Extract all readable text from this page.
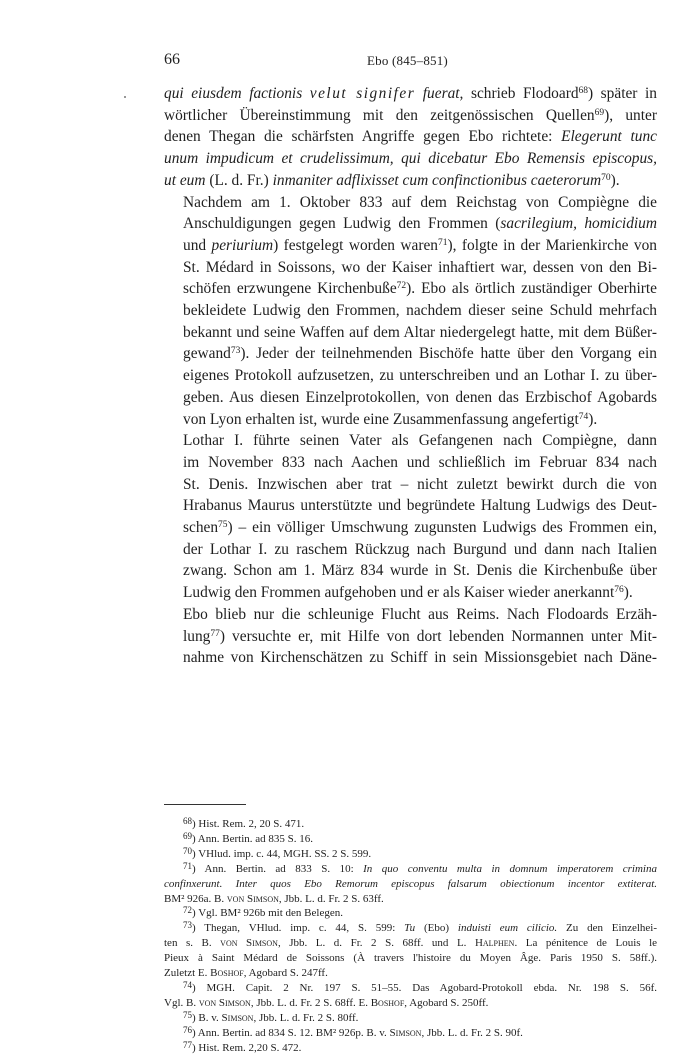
66	Ebo (845–851)

qui eiusdem factionis velut signifer fuerat, schrieb Flodoard$^{68}$) später in
wörtlicher Übereinstimmung mit den zeitgenössischen Quellen$^{69}$), unter
denen Thegan die schärfsten Angriffe gegen Ebo richtete: Elegerunt tunc
unum impudicum et crudelissimum, qui dicebatur Ebo Remensis episcopus,
ut eum (L. d. Fr.) inmaniter adflixisset cum confinctionibus caeterorum$^{70}$).

Nachdem am 1. Oktober 833 auf dem Reichstag von Compiègne die
Anschuldigungen gegen Ludwig den Frommen (sacrilegium, homicidium
und periurium) festgelegt worden waren$^{71}$), folgte in der Marienkirche von
St. Médard in Soissons, wo der Kaiser inhaftiert war, dessen von den Bi-
schöfen erzwungene Kirchenbuße$^{72}$). Ebo als örtlich zuständiger Oberhirte
bekleidete Ludwig den Frommen, nachdem dieser seine Schuld mehrfach
bekannt und seine Waffen auf dem Altar niedergelegt hatte, mit dem Büßer-
gewand$^{73}$). Jeder der teilnehmenden Bischöfe hatte über den Vorgang ein
eigenes Protokoll aufzusetzen, zu unterschreiben und an Lothar I. zu über-
geben. Aus diesen Einzelprotokollen, von denen das Erzbischof Agobards
von Lyon erhalten ist, wurde eine Zusammenfassung angefertigt$^{74}$).

Lothar I. führte seinen Vater als Gefangenen nach Compiègne, dann
im November 833 nach Aachen und schließlich im Februar 834 nach
St. Denis. Inzwischen aber trat – nicht zuletzt bewirkt durch die von
Hrabanus Maurus unterstützte und begründete Haltung Ludwigs des Deut-
schen$^{75}$) – ein völliger Umschwung zugunsten Ludwigs des Frommen ein,
der Lothar I. zu raschem Rückzug nach Burgund und dann nach Italien
zwang. Schon am 1. März 834 wurde in St. Denis die Kirchenbuße über
Ludwig den Frommen aufgehoben und er als Kaiser wieder anerkannt$^{76}$).

Ebo blieb nur die schleunige Flucht aus Reims. Nach Flodoards Erzäh-
lung$^{77}$) versuchte er, mit Hilfe von dort lebenden Normannen unter Mit-
nahme von Kirchenschätzen zu Schiff in sein Missionsgebiet nach Däne-

$^{68}$) Hist. Rem. 2, 20 S. 471.
$^{69}$) Ann. Bertin. ad 835 S. 16.
$^{70}$) VHlud. imp. c. 44, MGH. SS. 2 S. 599.
$^{71}$) Ann. Bertin. ad 833 S. 10: In quo conventu multa in domnum imperatorem crimina
confinxerunt. Inter quos Ebo Remorum episcopus falsarum obiectionum incentor extiterat.
BM² 926a. B. von Simson, Jbb. L. d. Fr. 2 S. 63ff.
$^{72}$) Vgl. BM² 926b mit den Belegen.
$^{73}$) Thegan, VHlud. imp. c. 44, S. 599: Tu (Ebo) induisti eum cilicio. Zu den Einzelhei-
ten s. B. von Simson, Jbb. L. d. Fr. 2 S. 68ff. und L. Halphen. La pénitence de Louis le
Pieux à Saint Médard de Soissons (À travers l'histoire du Moyen Âge. Paris 1950 S. 58ff.).
Zuletzt E. Boshof, Agobard S. 247ff.
$^{74}$) MGH. Capit. 2 Nr. 197 S. 51–55. Das Agobard-Protokoll ebda. Nr. 198 S. 56f.
Vgl. B. von Simson, Jbb. L. d. Fr. 2 S. 68ff. E. Boshof, Agobard S. 250ff.
$^{75}$) B. v. Simson, Jbb. L. d. Fr. 2 S. 80ff.
$^{76}$) Ann. Bertin. ad 834 S. 12. BM² 926p. B. v. Simson, Jbb. L. d. Fr. 2 S. 90f.
$^{77}$) Hist. Rem. 2,20 S. 472.
